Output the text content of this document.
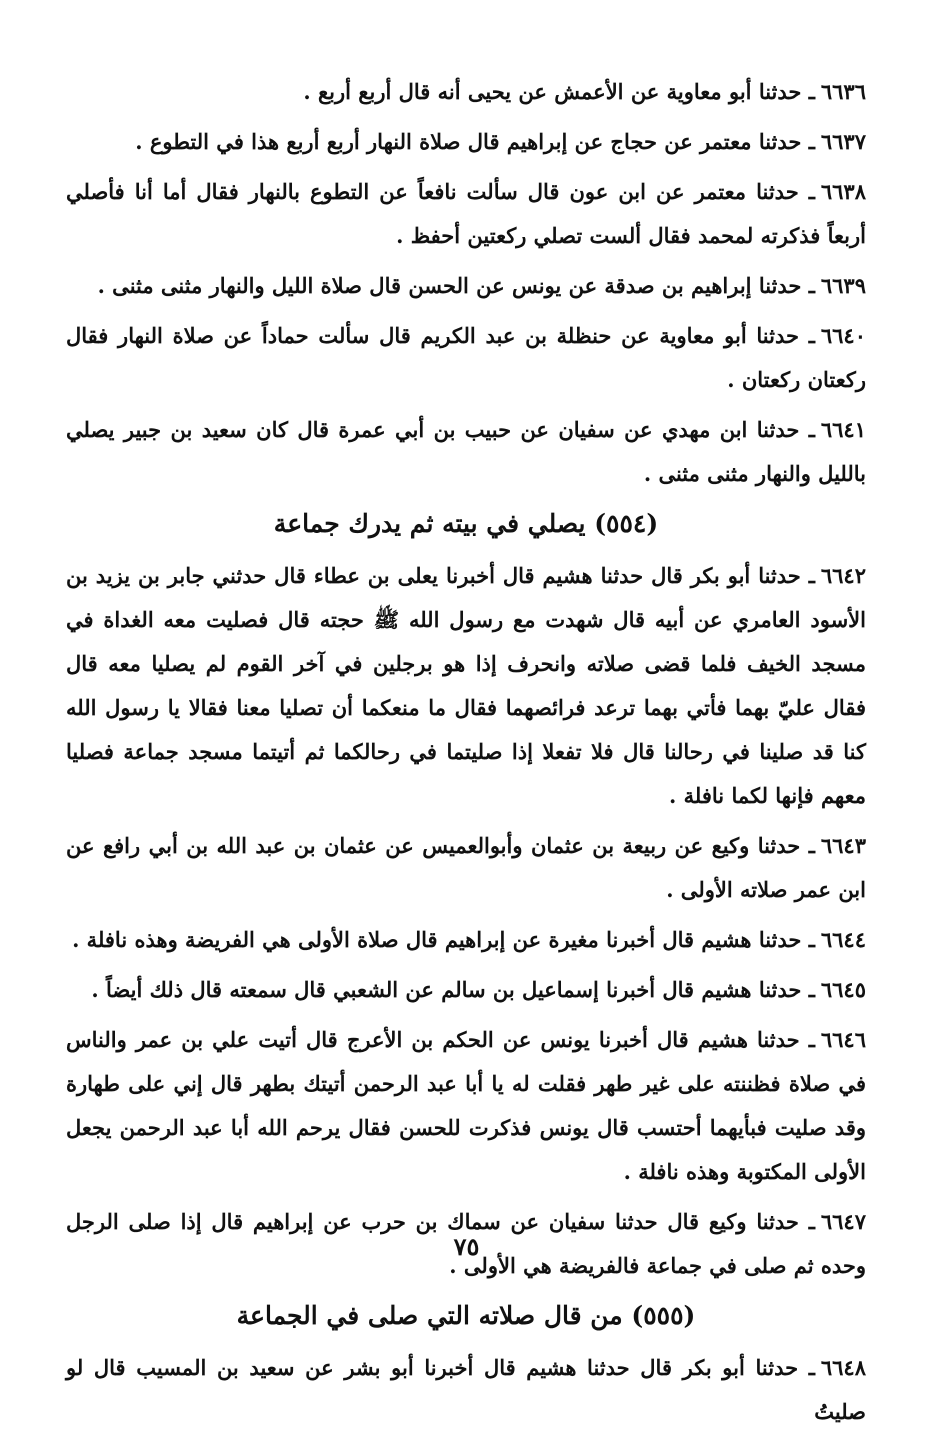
٦٦٣٦ـ حدثنا أبو معاوية عن الأعمش عن يحيى أنه قال أربع أربع .

٦٦٣٧ـ حدثنا معتمر عن حجاج عن إبراهيم قال صلاة النهار أربع أربع هذا في التطوع .

٦٦٣٨ـ حدثنا معتمر عن ابن عون قال سألت نافعاً عن التطوع بالنهار فقال أما أنا فأصلي أربعاً فذكرته لمحمد فقال ألست تصلي ركعتين أحفظ .

٦٦٣٩ـ حدثنا إبراهيم بن صدقة عن يونس عن الحسن قال صلاة الليل والنهار مثنى مثنى .

٦٦٤٠ـ حدثنا أبو معاوية عن حنظلة بن عبد الكريم قال سألت حماداً عن صلاة النهار فقال ركعتان ركعتان .

٦٦٤١ـ حدثنا ابن مهدي عن سفيان عن حبيب بن أبي عمرة قال كان سعيد بن جبير يصلي بالليل والنهار مثنى مثنى .

(٥٥٤) يصلي في بيته ثم يدرك جماعة

٦٦٤٢ـ حدثنا أبو بكر قال حدثنا هشيم قال أخبرنا يعلى بن عطاء قال حدثني جابر بن يزيد بن الأسود العامري عن أبيه قال شهدت مع رسول الله ﷺ حجته قال فصليت معه الغداة في مسجد الخيف فلما قضى صلاته وانحرف إذا هو برجلين في آخر القوم لم يصليا معه قال فقال عليّ بهما فأتي بهما ترعد فرائصهما فقال ما منعكما أن تصليا معنا فقالا يا رسول الله كنا قد صلينا في رحالنا قال فلا تفعلا إذا صليتما في رحالكما ثم أتيتما مسجد جماعة فصليا معهم فإنها لكما نافلة .

٦٦٤٣ـ حدثنا وكيع عن ربيعة بن عثمان وأبوالعميس عن عثمان بن عبد الله بن أبي رافع عن ابن عمر صلاته الأولى .

٦٦٤٤ـ حدثنا هشيم قال أخبرنا مغيرة عن إبراهيم قال صلاة الأولى هي الفريضة وهذه نافلة .

٦٦٤٥ـ حدثنا هشيم قال أخبرنا إسماعيل بن سالم عن الشعبي قال سمعته قال ذلك أيضاً .

٦٦٤٦ـ حدثنا هشيم قال أخبرنا يونس عن الحكم بن الأعرج قال أتيت علي بن عمر والناس في صلاة فظننته على غير طهر فقلت له يا أبا عبد الرحمن أتيتك بطهر قال إني على طهارة وقد صليت فبأيهما أحتسب قال يونس فذكرت للحسن فقال يرحم الله أبا عبد الرحمن يجعل الأولى المكتوبة وهذه نافلة .

٦٦٤٧ـ حدثنا وكيع قال حدثنا سفيان عن سماك بن حرب عن إبراهيم قال إذا صلى الرجل وحده ثم صلى في جماعة فالفريضة هي الأولى .

(٥٥٥) من قال صلاته التي صلى في الجماعة

٦٦٤٨ـ حدثنا أبو بكر قال حدثنا هشيم قال أخبرنا أبو بشر عن سعيد بن المسيب قال لو صليتُ

٧٥
